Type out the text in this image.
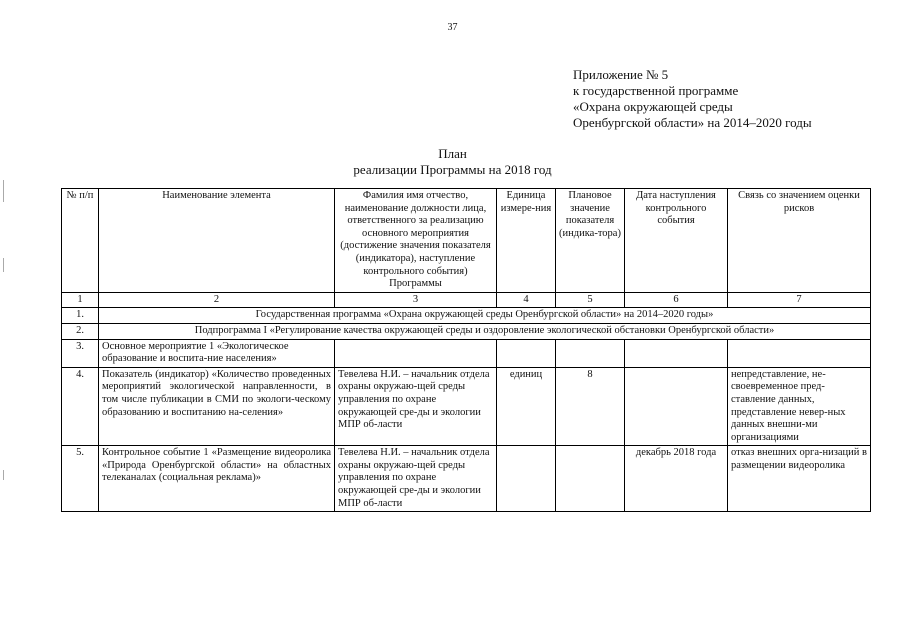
37
Приложение № 5
к государственной программе
«Охрана окружающей среды
Оренбургской области» на 2014–2020 годы
План
реализации Программы на 2018 год
№ п/п	Наименование элемента	Фамилия имя отчество, наименование должности лица, ответственного за реализацию основного мероприятия (достижение значения показателя (индикатора), наступление контрольного события) Программы	Единица измере-ния	Плановое значение показателя (индика-тора)	Дата наступления контрольного события	Связь со значением оценки рисков
1	2	3	4	5	6	7
1.	Государственная программа «Охрана окружающей среды Оренбургской области» на 2014–2020 годы»					
2.	Подпрограмма I «Регулирование качества окружающей среды и оздоровление экологической обстановки Оренбургской области»					
3.	Основное мероприятие 1 «Экологическое образование и воспита-ние населения»					
4.	Показатель (индикатор) «Количество проведенных мероприятий экологической направленности, в том числе публикации в СМИ по экологи-ческому образованию и воспитанию на-селения»	Тевелева Н.И. – начальник отдела охраны окружаю-щей среды управления по охране окружающей сре-ды и экологии МПР об-ласти	единиц	8		непредставление, не-своевременное пред-ставление данных, представление невер-ных данных внешни-ми организациями
5.	Контрольное событие 1 «Размещение видеоролика «Природа Оренбургской области» на областных телеканалах (социальная реклама)»	Тевелева Н.И. – начальник отдела охраны окружаю-щей среды управления по охране окружающей сре-ды и экологии МПР об-ласти			декабрь 2018 года	отказ внешних орга-низаций в размещении видеоролика
